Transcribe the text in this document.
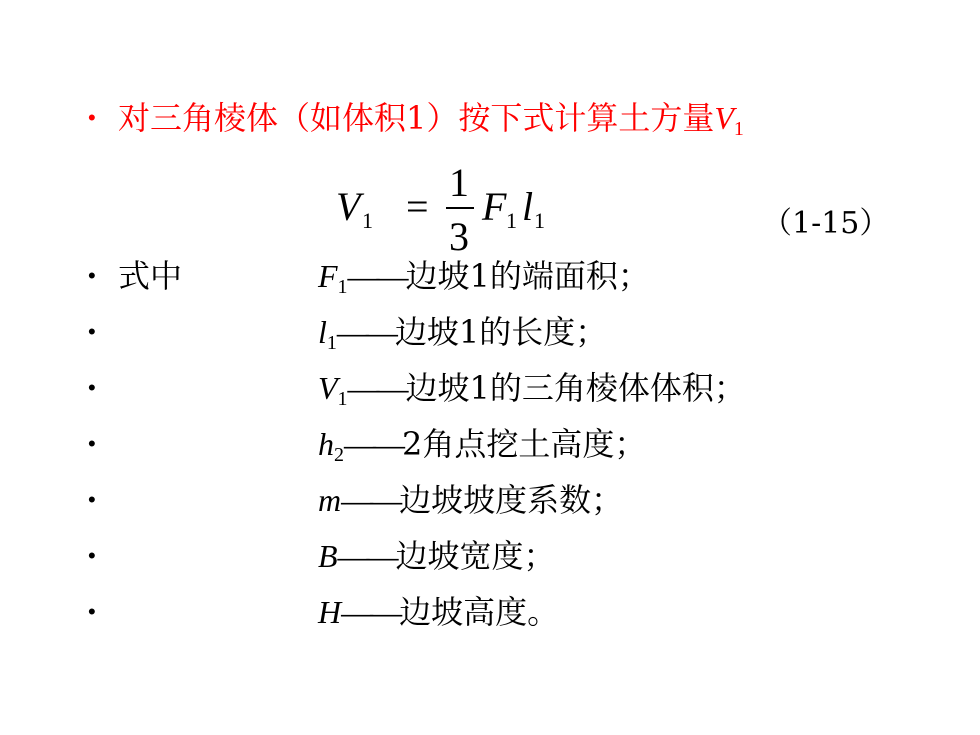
• 对三角棱体（如体积1）按下式计算土方量$V_1$
V 1 =
1
3
F 1 l 1	（1-15）
• 式中	$F_1——$边坡1的端面积；
•	$l_1——$边坡1的长度；
•	$V_1——$边坡1的三角棱体体积；
•	$h_2——2$角点挖土高度；
•	m——边坡坡度系数；
•	B——边坡宽度；
•	H——边坡高度。
